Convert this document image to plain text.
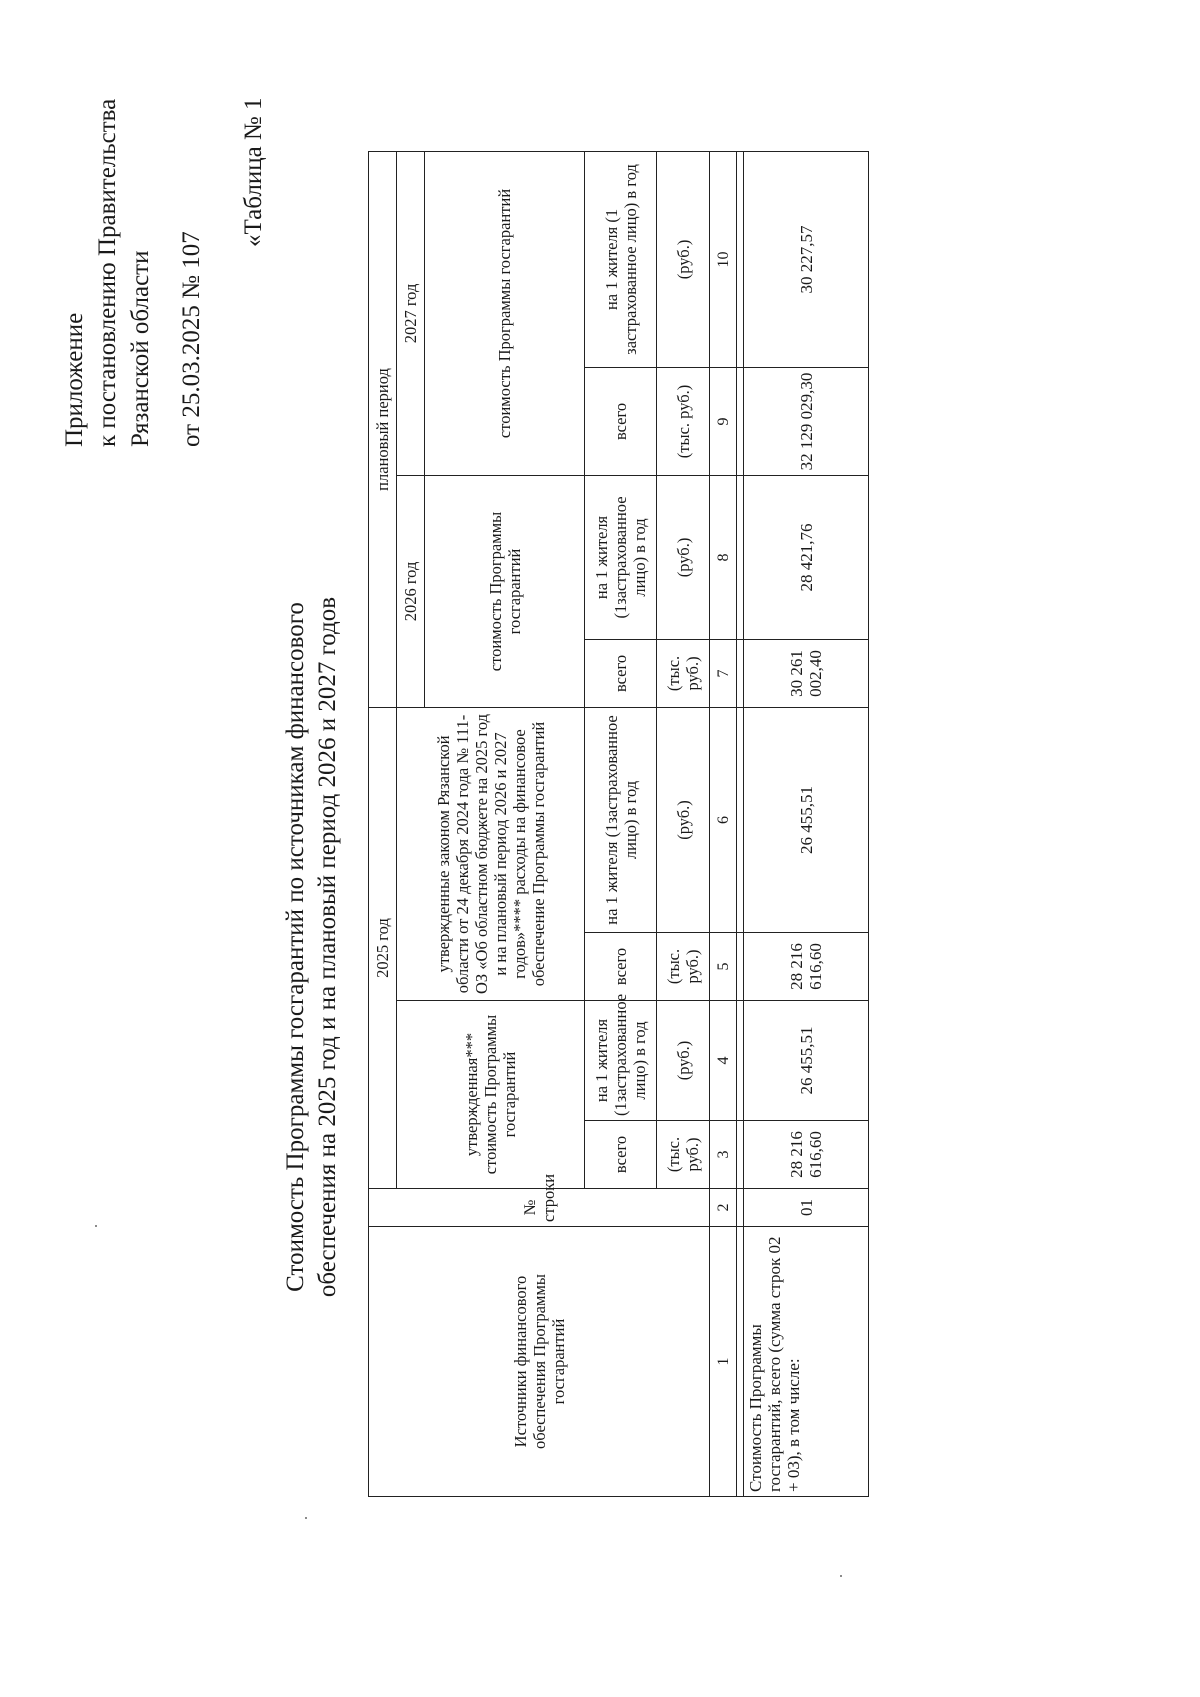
Приложение к постановлению Правительства Рязанской области от 25.03.2025 № 107
«Таблица № 1
Стоимость Программы госгарантий по источникам финансового обеспечения на 2025 год и на плановый период 2026 и 2027 годов
Источники финансового обеспечения Программы госгарантий	№ строки	2025 год				плановый период			
		утвержденная*** стоимость Программы госгарантий		утвержденные законом Рязанской области от 24 декабря 2024 года № 111-ОЗ «Об областном бюджете на 2025 год и на плановый период 2026 и 2027 годов»**** расходы на финансовое обеспечение Программы госгарантий		2026 год		2027 год	
						стоимость Программы госгарантий		стоимость Программы госгарантий	
		всего	на 1 жителя (1застрахованное лицо) в год	всего	на 1 жителя (1застрахованное лицо) в год	всего	на 1 жителя (1застрахованное лицо) в год	всего	на 1 жителя (1 застрахованное лицо) в год
		(тыс. руб.)	(руб.)	(тыс. руб.)	(руб.)	(тыс. руб.)	(руб.)	(тыс. руб.)	(руб.)
1	2	3	4	5	6	7	8	9	10

Стоимость Программы госгарантий, всего (сумма строк 02 + 03), в том числе:	01	28 216 616,60	26 455,51	28 216 616,60	26 455,51	30 261 002,40	28 421,76	32 129 029,30	30 227,57
